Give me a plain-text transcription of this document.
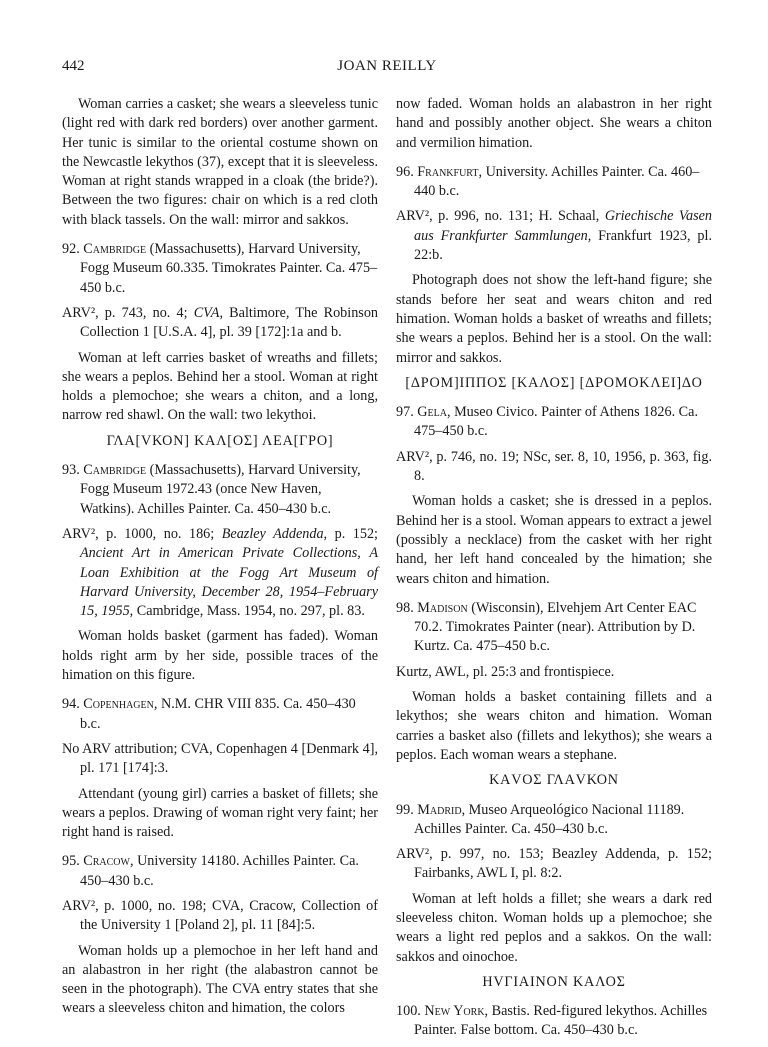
442	JOAN REILLY

Woman carries a casket; she wears a sleeveless tunic (light red with dark red borders) over another garment. Her tunic is similar to the oriental costume shown on the Newcastle lekythos (37), except that it is sleeveless. Woman at right stands wrapped in a cloak (the bride?). Between the two figures: chair on which is a red cloth with black tassels. On the wall: mirror and sakkos.

92. Cambridge (Massachusetts), Harvard University, Fogg Museum 60.335. Timokrates Painter. Ca. 475–450 b.c.

ARV², p. 743, no. 4; CVA, Baltimore, The Robinson Collection 1 [U.S.A. 4], pl. 39 [172]:1a and b.

Woman at left carries basket of wreaths and fillets; she wears a peplos. Behind her a stool. Woman at right holds a plemochoe; she wears a chiton, and a long, narrow red shawl. On the wall: two lekythoi.

ΓΛΑ[VΚΟΝ] ΚΑΛ[ΟΣ] ΛΕΑ[ΓΡΟ]

93. Cambridge (Massachusetts), Harvard University, Fogg Museum 1972.43 (once New Haven, Watkins). Achilles Painter. Ca. 450–430 b.c.

ARV², p. 1000, no. 186; Beazley Addenda, p. 152; Ancient Art in American Private Collections, A Loan Exhibition at the Fogg Art Museum of Harvard University, December 28, 1954–February 15, 1955, Cambridge, Mass. 1954, no. 297, pl. 83.

Woman holds basket (garment has faded). Woman holds right arm by her side, possible traces of the himation on this figure.

94. Copenhagen, N.M. CHR VIII 835. Ca. 450–430 b.c.

No ARV attribution; CVA, Copenhagen 4 [Denmark 4], pl. 171 [174]:3.

Attendant (young girl) carries a basket of fillets; she wears a peplos. Drawing of woman right very faint; her right hand is raised.

95. Cracow, University 14180. Achilles Painter. Ca. 450–430 b.c.

ARV², p. 1000, no. 198; CVA, Cracow, Collection of the University 1 [Poland 2], pl. 11 [84]:5.

Woman holds up a plemochoe in her left hand and an alabastron in her right (the alabastron cannot be seen in the photograph). The CVA entry states that she wears a sleeveless chiton and himation, the colors

now faded. Woman holds an alabastron in her right hand and possibly another object. She wears a chiton and vermilion himation.

96. Frankfurt, University. Achilles Painter. Ca. 460–440 b.c.

ARV², p. 996, no. 131; H. Schaal, Griechische Vasen aus Frankfurter Sammlungen, Frankfurt 1923, pl. 22:b.

Photograph does not show the left-hand figure; she stands before her seat and wears chiton and red himation. Woman holds a basket of wreaths and fillets; she wears a peplos. Behind her is a stool. On the wall: mirror and sakkos.

[ΔΡΟΜ]ΙΠΠΟΣ [ΚΑΛΟΣ] [ΔΡΟΜΟΚΛΕΙ]ΔΟ

97. Gela, Museo Civico. Painter of Athens 1826. Ca. 475–450 b.c.

ARV², p. 746, no. 19; NSc, ser. 8, 10, 1956, p. 363, fig. 8.

Woman holds a casket; she is dressed in a peplos. Behind her is a stool. Woman appears to extract a jewel (possibly a necklace) from the casket with her right hand, her left hand concealed by the himation; she wears chiton and himation.

98. Madison (Wisconsin), Elvehjem Art Center EAC 70.2. Timokrates Painter (near). Attribution by D. Kurtz. Ca. 475–450 b.c.

Kurtz, AWL, pl. 25:3 and frontispiece.

Woman holds a basket containing fillets and a lekythos; she wears chiton and himation. Woman carries a basket also (fillets and lekythos); she wears a peplos. Each woman wears a stephane.

ΚΑVΟΣ ΓΛΑVΚΟΝ

99. Madrid, Museo Arqueológico Nacional 11189. Achilles Painter. Ca. 450–430 b.c.

ARV², p. 997, no. 153; Beazley Addenda, p. 152; Fairbanks, AWL I, pl. 8:2.

Woman at left holds a fillet; she wears a dark red sleeveless chiton. Woman holds up a plemochoe; she wears a light red peplos and a sakkos. On the wall: sakkos and oinochoe.

ΗVΓΙΑΙΝΟΝ ΚΑΛΟΣ

100. New York, Bastis. Red-figured lekythos. Achilles Painter. False bottom. Ca. 450–430 b.c.
